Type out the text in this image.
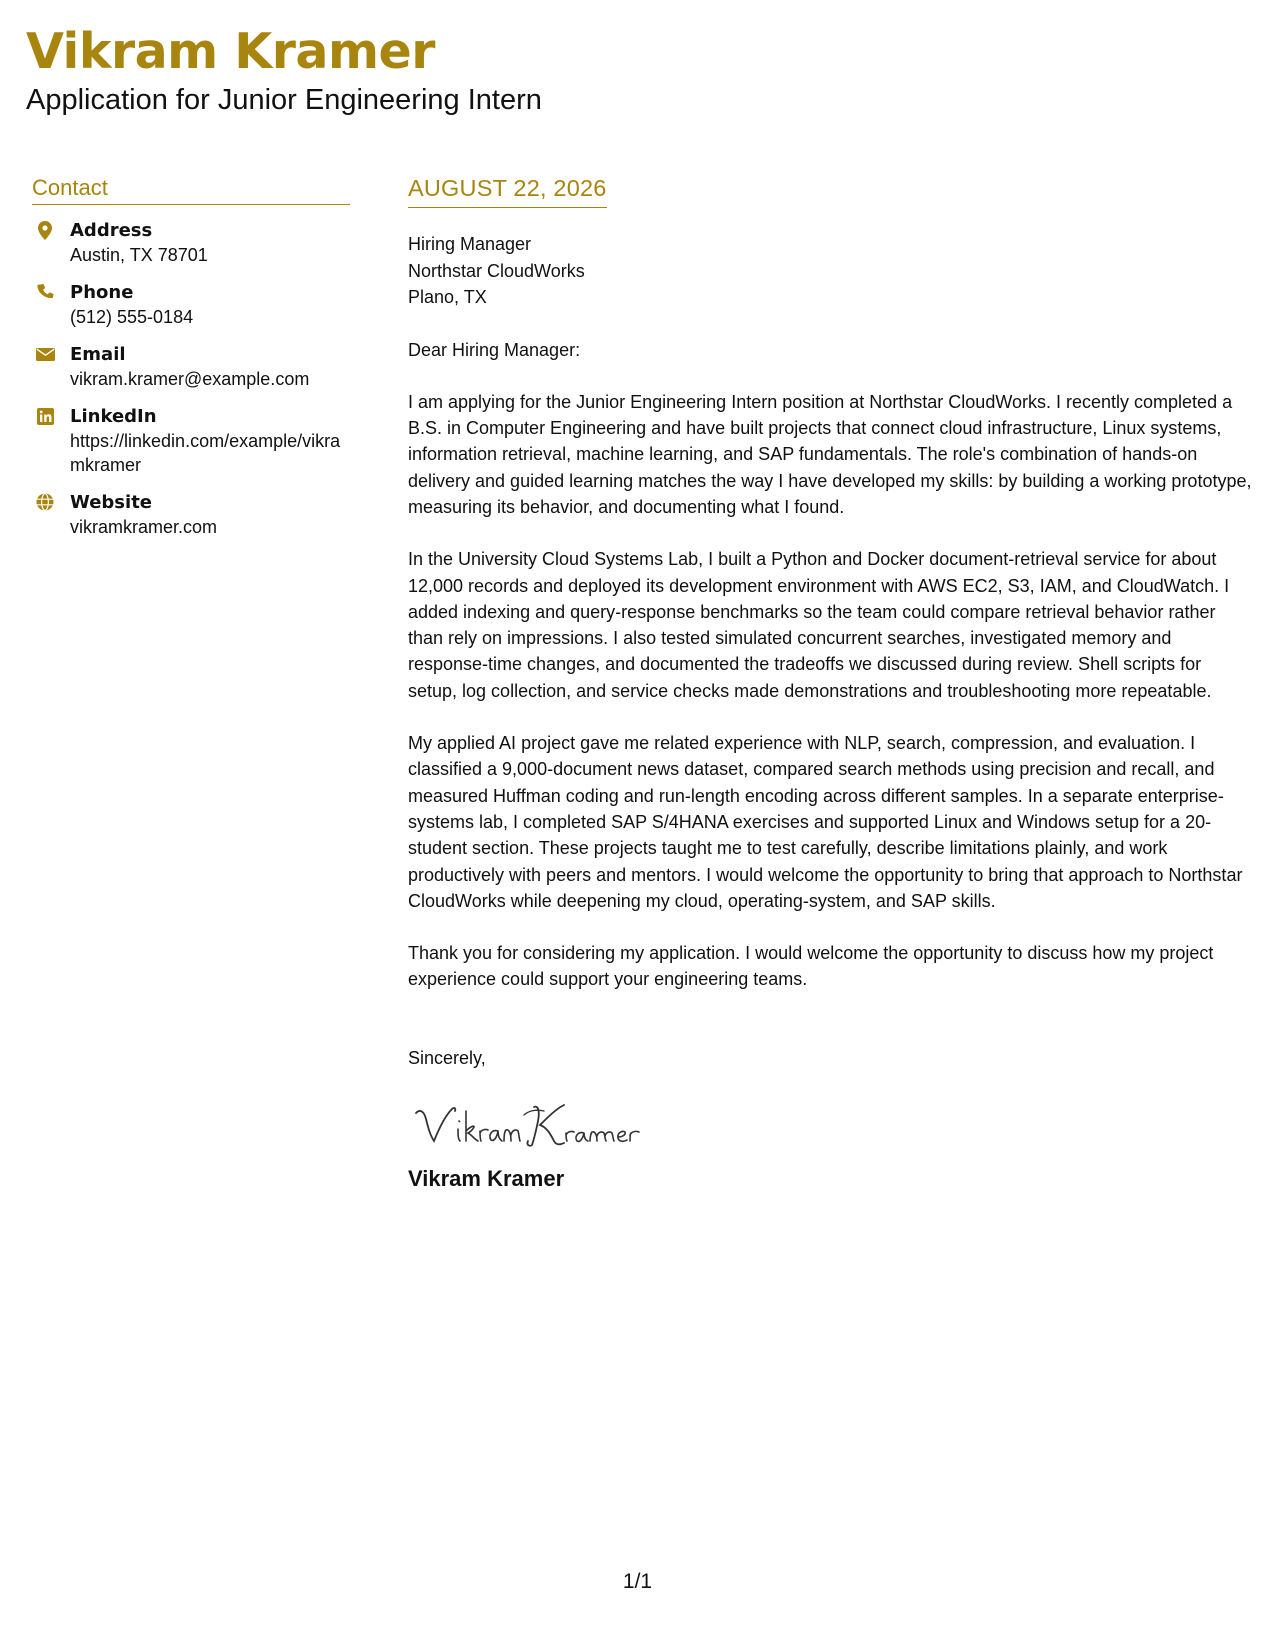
Vikram Kramer
Application for Junior Engineering Intern
Contact
Address
Austin, TX 78701
Phone
(512) 555-0184
Email
vikram.kramer@example.com
LinkedIn
https://linkedin.com/example/vikramkramer
Website
vikramkramer.com
AUGUST 22, 2026
Hiring Manager
Northstar CloudWorks
Plano, TX
Dear Hiring Manager:

I am applying for the Junior Engineering Intern position at Northstar CloudWorks. I recently completed a B.S. in Computer Engineering and have built projects that connect cloud infrastructure, Linux systems, information retrieval, machine learning, and SAP fundamentals. The role's combination of hands-on delivery and guided learning matches the way I have developed my skills: by building a working prototype, measuring its behavior, and documenting what I found.

In the University Cloud Systems Lab, I built a Python and Docker document-retrieval service for about 12,000 records and deployed its development environment with AWS EC2, S3, IAM, and CloudWatch. I added indexing and query-response benchmarks so the team could compare retrieval behavior rather than rely on impressions. I also tested simulated concurrent searches, investigated memory and response-time changes, and documented the tradeoffs we discussed during review. Shell scripts for setup, log collection, and service checks made demonstrations and troubleshooting more repeatable.

My applied AI project gave me related experience with NLP, search, compression, and evaluation. I classified a 9,000-document news dataset, compared search methods using precision and recall, and measured Huffman coding and run-length encoding across different samples. In a separate enterprise-systems lab, I completed SAP S/4HANA exercises and supported Linux and Windows setup for a 20-student section. These projects taught me to test carefully, describe limitations plainly, and work productively with peers and mentors. I would welcome the opportunity to bring that approach to Northstar CloudWorks while deepening my cloud, operating-system, and SAP skills.

Thank you for considering my application. I would welcome the opportunity to discuss how my project experience could support your engineering teams.

Sincerely,
Vikram Kramer
1/1
